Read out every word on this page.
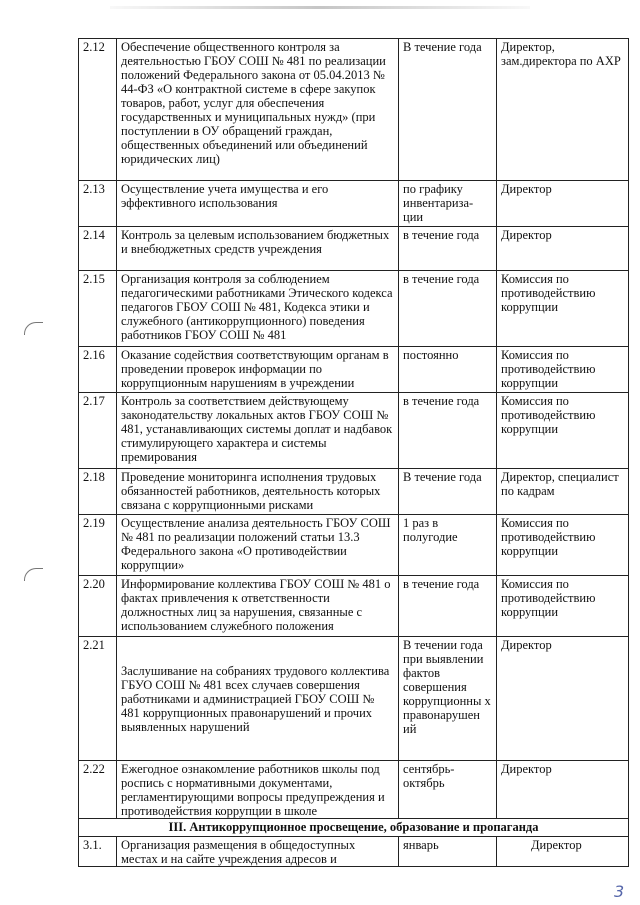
2.12	Обеспечение общественного контроля за деятельностью ГБОУ СОШ № 481 по реализации положений Федерального закона от 05.04.2013 № 44-ФЗ «О контрактной системе в сфере закупок товаров, работ, услуг для обеспечения государственных и муниципальных нужд» (при поступлении в ОУ обращений граждан, общественных объединений или объединений юридических лиц)	В течение года	Директор, зам.директора по АХР
2.13	Осуществление учета имущества и его эффективного использования	по графику инвентариза-ции	Директор
2.14	Контроль за целевым использованием бюджетных и внебюджетных средств учреждения	в течение года	Директор
2.15	Организация контроля за соблюдением педагогическими работниками Этического кодекса педагогов ГБОУ СОШ № 481, Кодекса этики и служебного (антикоррупционного) поведения работников ГБОУ СОШ № 481	в течение года	Комиссия по противодействию коррупции
2.16	Оказание содействия соответствующим органам в проведении проверок информации по коррупционным нарушениям в учреждении	постоянно	Комиссия по противодействию коррупции
2.17	Контроль за соответствием действующему законодательству локальных актов ГБОУ СОШ № 481, устанавливающих системы доплат и надбавок стимулирующего характера и системы премирования	в течение года	Комиссия по противодействию коррупции
2.18	Проведение мониторинга исполнения трудовых обязанностей работников, деятельность которых связана с коррупционными рисками	В течение года	Директор, специалист по кадрам
2.19	Осуществление анализа деятельность ГБОУ СОШ № 481 по реализации положений статьи 13.3 Федерального закона «О противодействии коррупции»	1 раз в полугодие	Комиссия по противодействию коррупции
2.20	Информирование коллектива ГБОУ СОШ № 481 о фактах привлечения к ответственности должностных лиц за нарушения, связанные с использованием служебного положения	в течение года	Комиссия по противодействию коррупции
2.21	Заслушивание на собраниях трудового коллектива ГБУО СОШ № 481 всех случаев совершения работниками и администрацией ГБОУ СОШ № 481 коррупционных правонарушений и прочих выявленных нарушений	В течении года при выявлении фактов совершения коррупционны х правонарушен ий	Директор
2.22	Ежегодное ознакомление работников школы под роспись с нормативными документами, регламентирующими вопросы предупреждения и противодействия коррупции в школе	сентябрь-октябрь	Директор
III. Антикоррупционное просвещение, образование и пропаганда			
3.1.	Организация размещения в общедоступных местах и на сайте учреждения адресов и	январь	Директор
3
